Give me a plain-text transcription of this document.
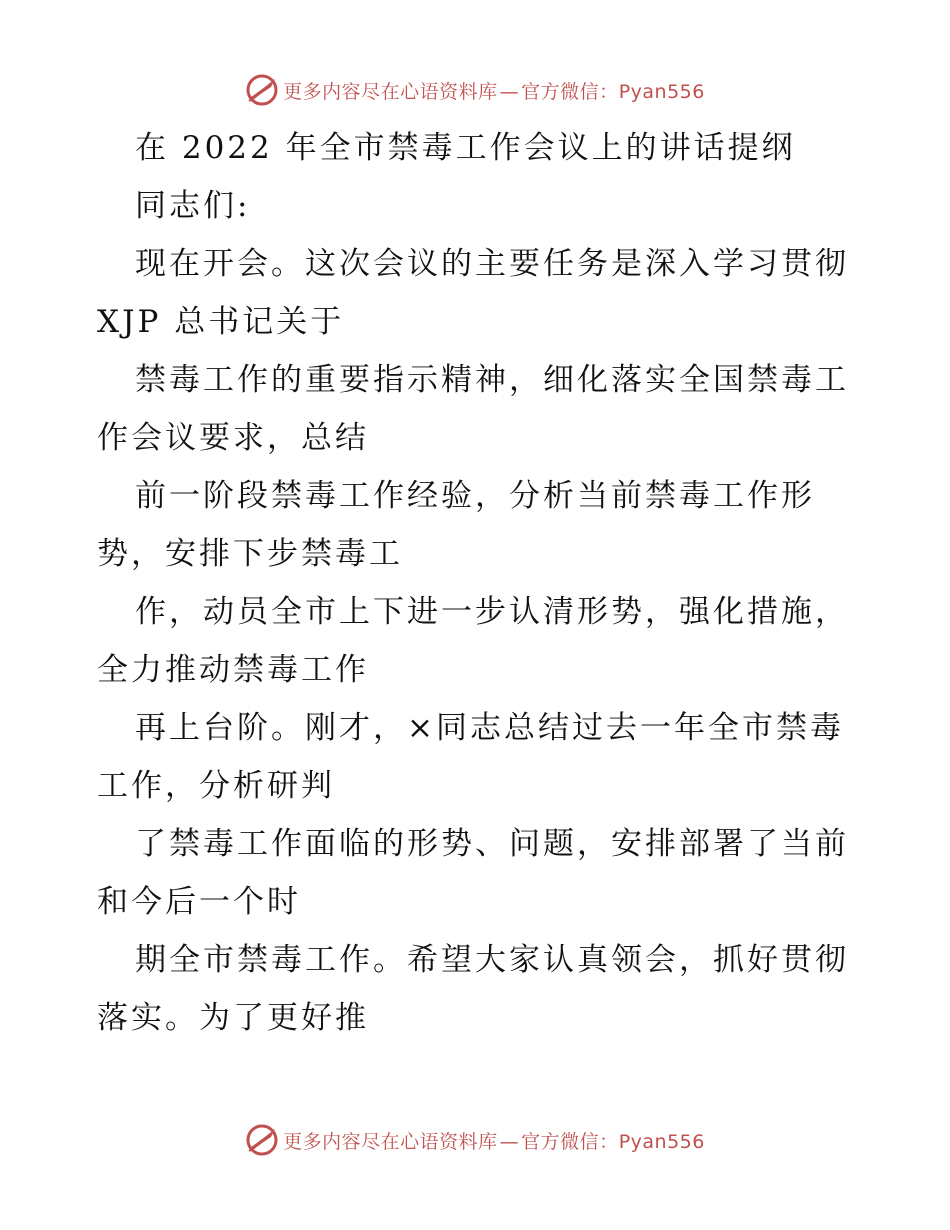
更多内容尽在心语资料库 — 官方微信：Pyan556
在 2022 年全市禁毒工作会议上的讲话提纲
同志们:
现在开会。这次会议的主要任务是深入学习贯彻
XJP 总书记关于
禁毒工作的重要指示精神，细化落实全国禁毒工
作会议要求，总结
前一阶段禁毒工作经验，分析当前禁毒工作形
势，安排下步禁毒工
作，动员全市上下进一步认清形势，强化措施，
全力推动禁毒工作
再上台阶。刚才，×同志总结过去一年全市禁毒
工作，分析研判
了禁毒工作面临的形势、问题，安排部署了当前
和今后一个时
期全市禁毒工作。希望大家认真领会，抓好贯彻
落实。为了更好推
更多内容尽在心语资料库 — 官方微信：Pyan556
